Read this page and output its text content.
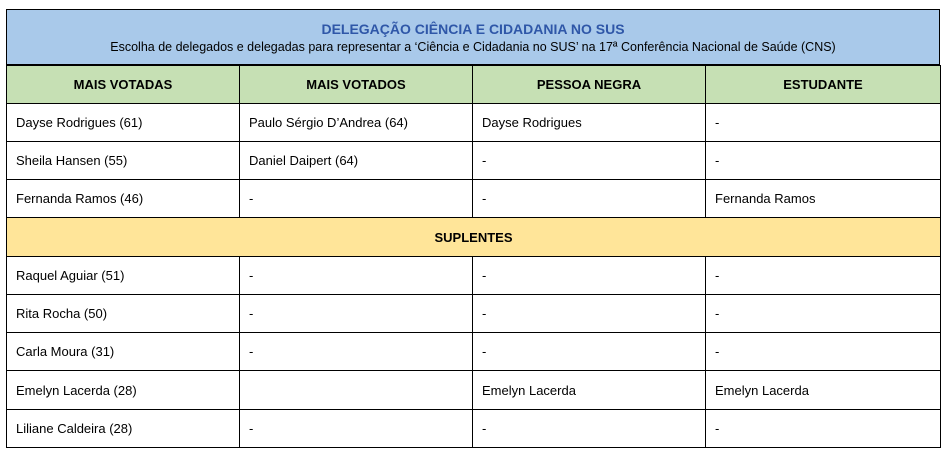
DELEGAÇÃO CIÊNCIA E CIDADANIA NO SUS
Escolha de delegados e delegadas para representar a ‘Ciência e Cidadania no SUS’ na 17ª Conferência Nacional de Saúde (CNS)
MAIS VOTADAS	MAIS VOTADOS	PESSOA NEGRA	ESTUDANTE
Dayse Rodrigues (61)	Paulo Sérgio D’Andrea (64)	Dayse Rodrigues	-
Sheila Hansen (55)	Daniel Daipert (64)	-	-
Fernanda Ramos (46)	-	-	Fernanda Ramos
SUPLENTES			
Raquel Aguiar (51)	-	-	-
Rita Rocha (50)	-	-	-
Carla Moura (31)	-	-	-
Emelyn Lacerda (28)		Emelyn Lacerda	Emelyn Lacerda
Liliane Caldeira (28)	-	-	-
